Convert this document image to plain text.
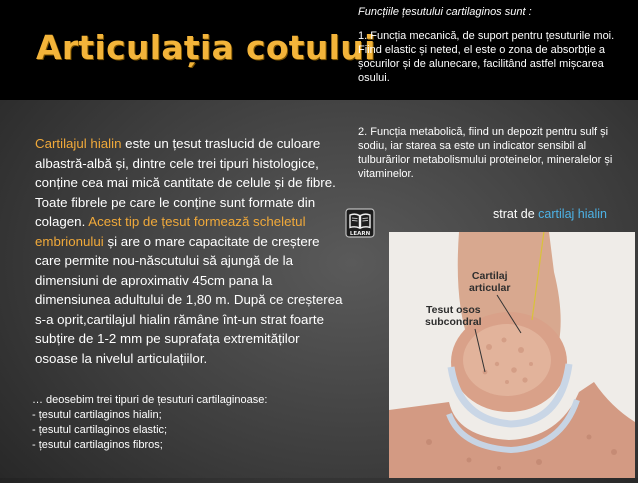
Articulația cotului

Funcțiile țesutului cartilaginos sunt :

1. Funcția mecanică, de suport pentru țesuturile moi. Fiind elastic și neted, el este o zona de absorbție a șocurilor și de alunecare, facilitând astfel mișcarea osului.

2. Funcția metabolică, fiind un depozit pentru sulf și sodiu, iar starea sa este un indicator sensibil al tulburărilor metabolismului proteinelor, mineralelor și vitaminelor.

Cartilajul hialin este un țesut traslucid de culoare albastră-albă și, dintre cele trei tipuri histologice, conține cea mai mică cantitate de celule și de fibre. Toate fibrele pe care le conține sunt formate din colagen. Acest tip de țesut formează scheletul embrionului și are o mare capacitate de creștere care permite nou-născutului să ajungă de la dimensiuni de aproximativ 45cm pana la dimensiunea adultului de 1,80 m. După ce creșterea s-a oprit,cartilajul hialin rămâne înt-un strat foarte subțire de 1-2 mm pe suprafața extremităților osoase la nivelul articulațiilor.

… deosebim trei tipuri de țesuturi cartilaginoase:

- țesutul cartilaginos hialin;

- țesutul cartilaginos elastic;

- țesutul cartilaginos fibros;

LEARN
strat de cartilaj hialin
Cartilaj
articular
Tesut osos
subcondral
